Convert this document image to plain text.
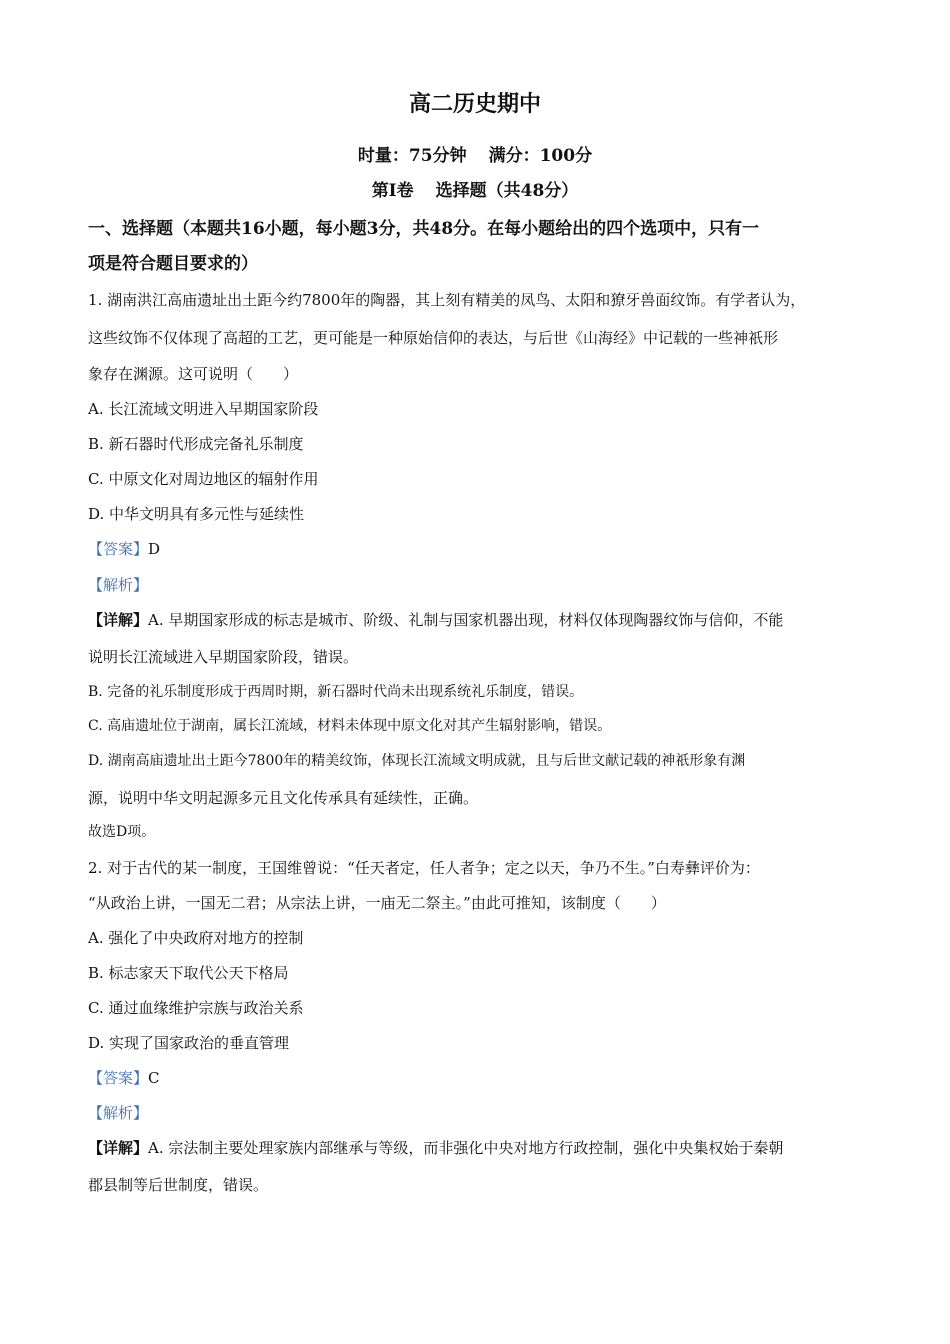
高二历史期中
时量：75分钟 满分：100分
第Ⅰ卷 选择题（共48分）
一、选择题（本题共16小题，每小题3分，共48分。在每小题给出的四个选项中，只有一
项是符合题目要求的）
1. 湖南洪江高庙遗址出土距今约7800年的陶器，其上刻有精美的凤鸟、太阳和獠牙兽面纹饰。有学者认为，
这些纹饰不仅体现了高超的工艺，更可能是一种原始信仰的表达，与后世《山海经》中记载的一些神祇形
象存在渊源。这可说明（　　）
A. 长江流域文明进入早期国家阶段
B. 新石器时代形成完备礼乐制度
C. 中原文化对周边地区的辐射作用
D. 中华文明具有多元性与延续性
【答案】D
【解析】
【详解】A. 早期国家形成的标志是城市、阶级、礼制与国家机器出现，材料仅体现陶器纹饰与信仰，不能
说明长江流域进入早期国家阶段，错误。
B. 完备的礼乐制度形成于西周时期，新石器时代尚未出现系统礼乐制度，错误。
C. 高庙遗址位于湖南，属长江流域，材料未体现中原文化对其产生辐射影响，错误。
D. 湖南高庙遗址出土距今7800年的精美纹饰，体现长江流域文明成就，且与后世文献记载的神祇形象有渊
源，说明中华文明起源多元且文化传承具有延续性，正确。
故选D项。
2. 对于古代的某一制度，王国维曾说：“任天者定，任人者争；定之以天，争乃不生。”白寿彝评价为：
“从政治上讲，一国无二君；从宗法上讲，一庙无二祭主。”由此可推知，该制度（　　）
A. 强化了中央政府对地方的控制
B. 标志家天下取代公天下格局
C. 通过血缘维护宗族与政治关系
D. 实现了国家政治的垂直管理
【答案】C
【解析】
【详解】A. 宗法制主要处理家族内部继承与等级，而非强化中央对地方行政控制，强化中央集权始于秦朝
郡县制等后世制度，错误。
